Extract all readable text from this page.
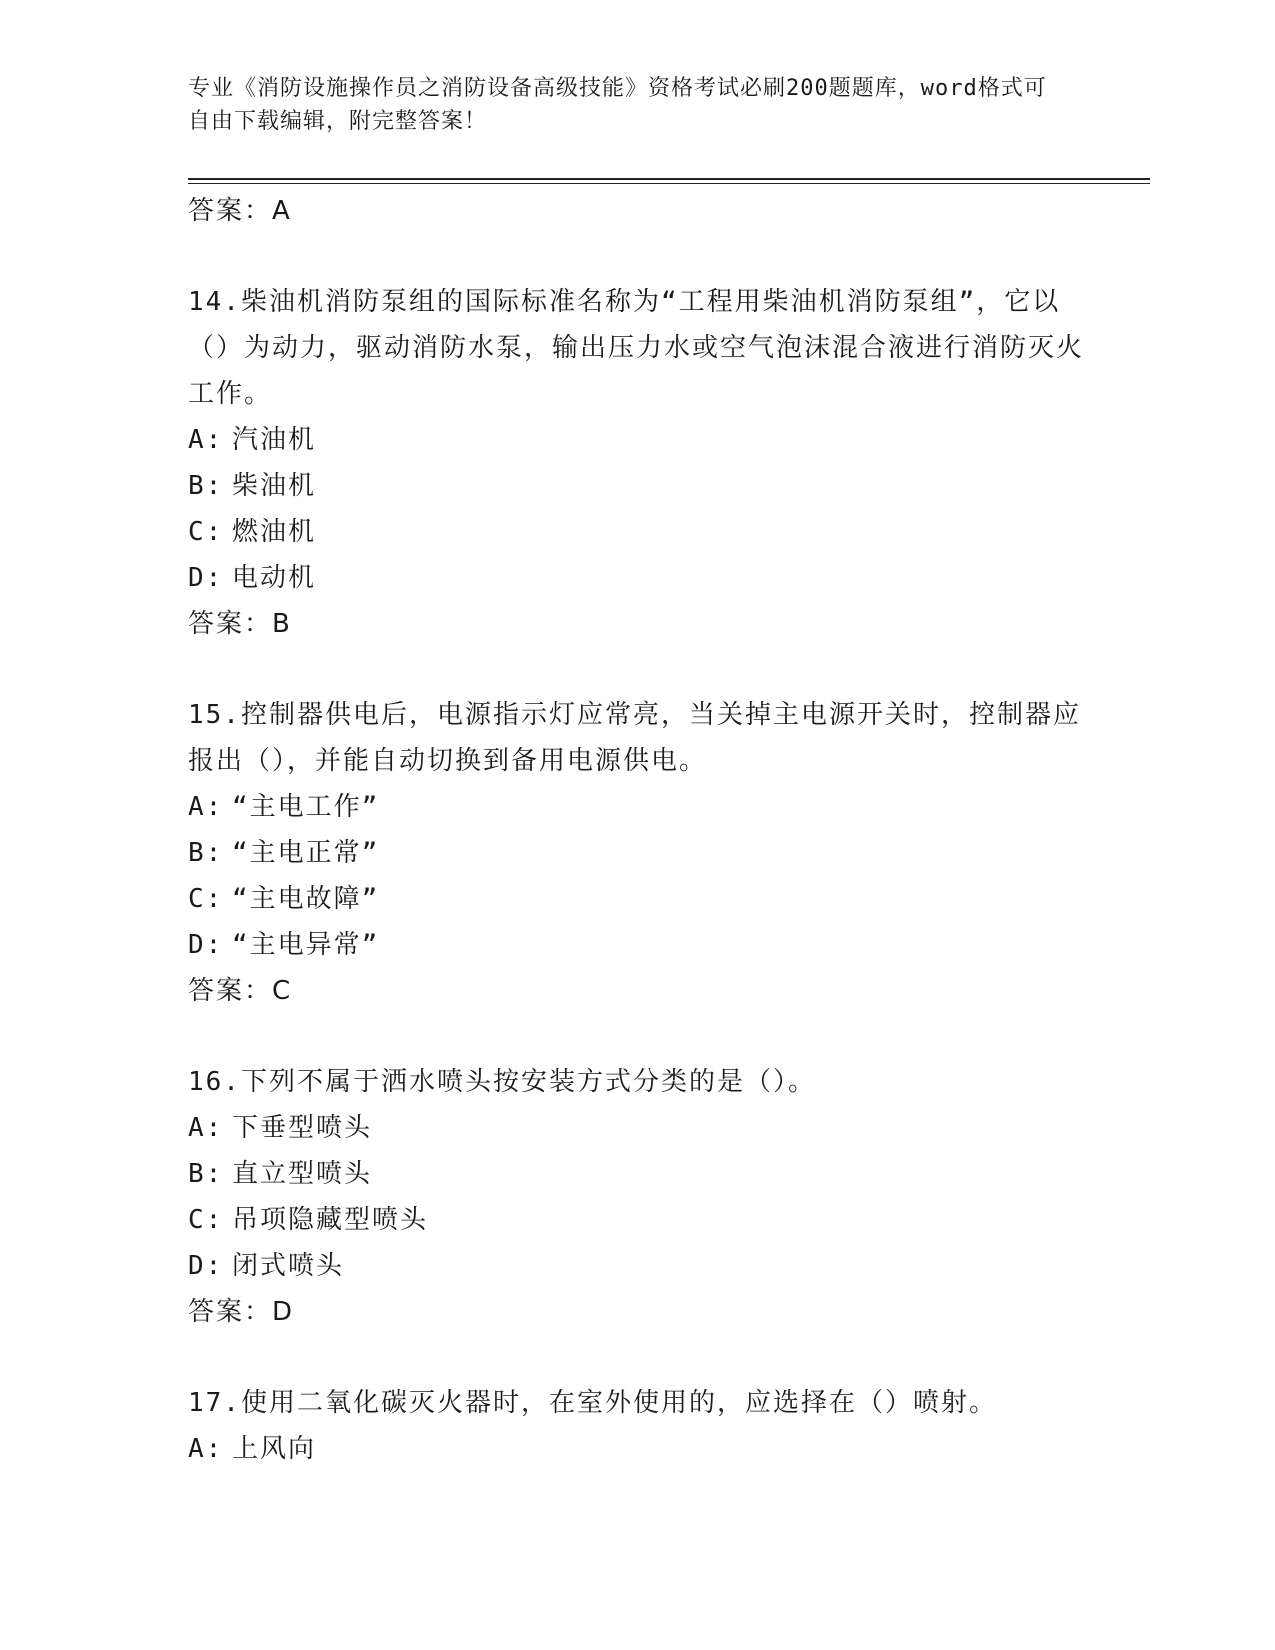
专业《消防设施操作员之消防设备高级技能》资格考试必刷200题题库，word格式可自由下载编辑，附完整答案！

答案：A

14.柴油机消防泵组的国际标准名称为“工程用柴油机消防泵组”，它以（）为动力，驱动消防水泵，输出压力水或空气泡沫混合液进行消防灭火工作。

A: 汽油机
B: 柴油机
C: 燃油机
D: 电动机
答案：B

15.控制器供电后，电源指示灯应常亮，当关掉主电源开关时，控制器应报出（），并能自动切换到备用电源供电。

A: “主电工作”
B: “主电正常”
C: “主电故障”
D: “主电异常”
答案：C

16.下列不属于洒水喷头按安装方式分类的是（）。

A: 下垂型喷头
B: 直立型喷头
C: 吊项隐藏型喷头
D: 闭式喷头
答案：D

17.使用二氧化碳灭火器时，在室外使用的，应选择在（）喷射。

A: 上风向
